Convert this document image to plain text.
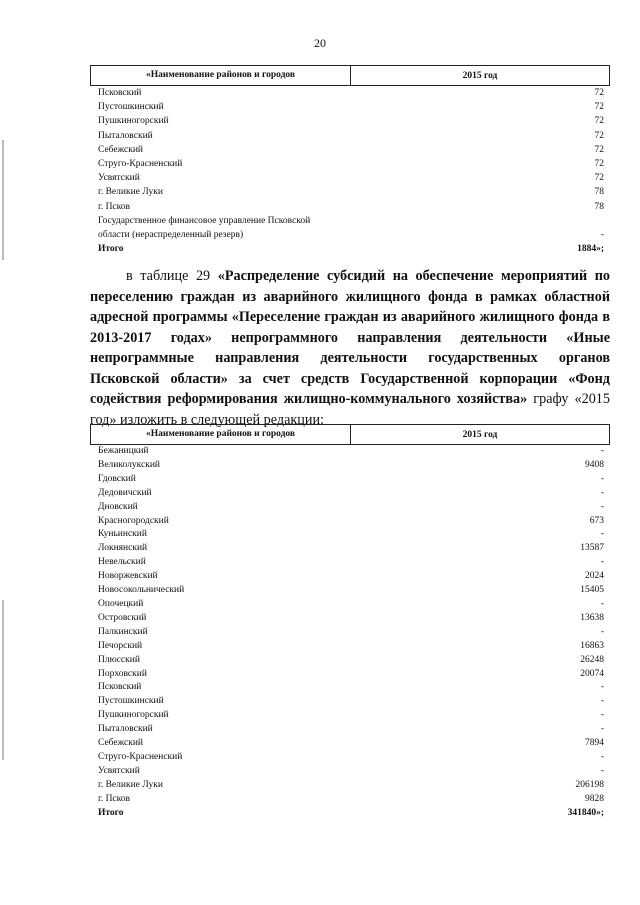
20
«Наименование районов и городов	2015 год
Псковский	72
Пустошкинский	72
Пушкиногорский	72
Пыталовский	72
Себежский	72
Струго-Красненский	72
Усвятский	72
г. Великие Луки	78
г. Псков	78
Государственное финансовое управление Псковской
области (нераспределенный резерв)	-
Итого	1884»;
в таблице 29 «Распределение субсидий на обеспечение мероприятий по переселению граждан из аварийного жилищного фонда в рамках областной адресной программы «Переселение граждан из аварийного жилищного фонда в 2013-2017 годах» непрограммного направления деятельности «Иные непрограммные направления деятельности государственных органов Псковской области» за счет средств Государственной корпорации «Фонд содействия реформирования жилищно-коммунального хозяйства» графу «2015 год» изложить в следующей редакции:
«Наименование районов и городов	2015 год
Бежаницкий	-
Великолукский	9408
Гдовский	-
Дедовичский	-
Дновский	-
Красногородский	673
Куньинский	-
Локнянский	13587
Невельский	-
Новоржевский	2024
Новосокольнический	15405
Опочецкий	-
Островский	13638
Палкинский	-
Печорский	16863
Плюсский	26248
Порховский	20074
Псковский	-
Пустошкинский	-
Пушкиногорский	-
Пыталовский	-
Себежский	7894
Струго-Красненский	-
Усвятский	-
г. Великие Луки	206198
г. Псков	9828
Итого	341840»;
